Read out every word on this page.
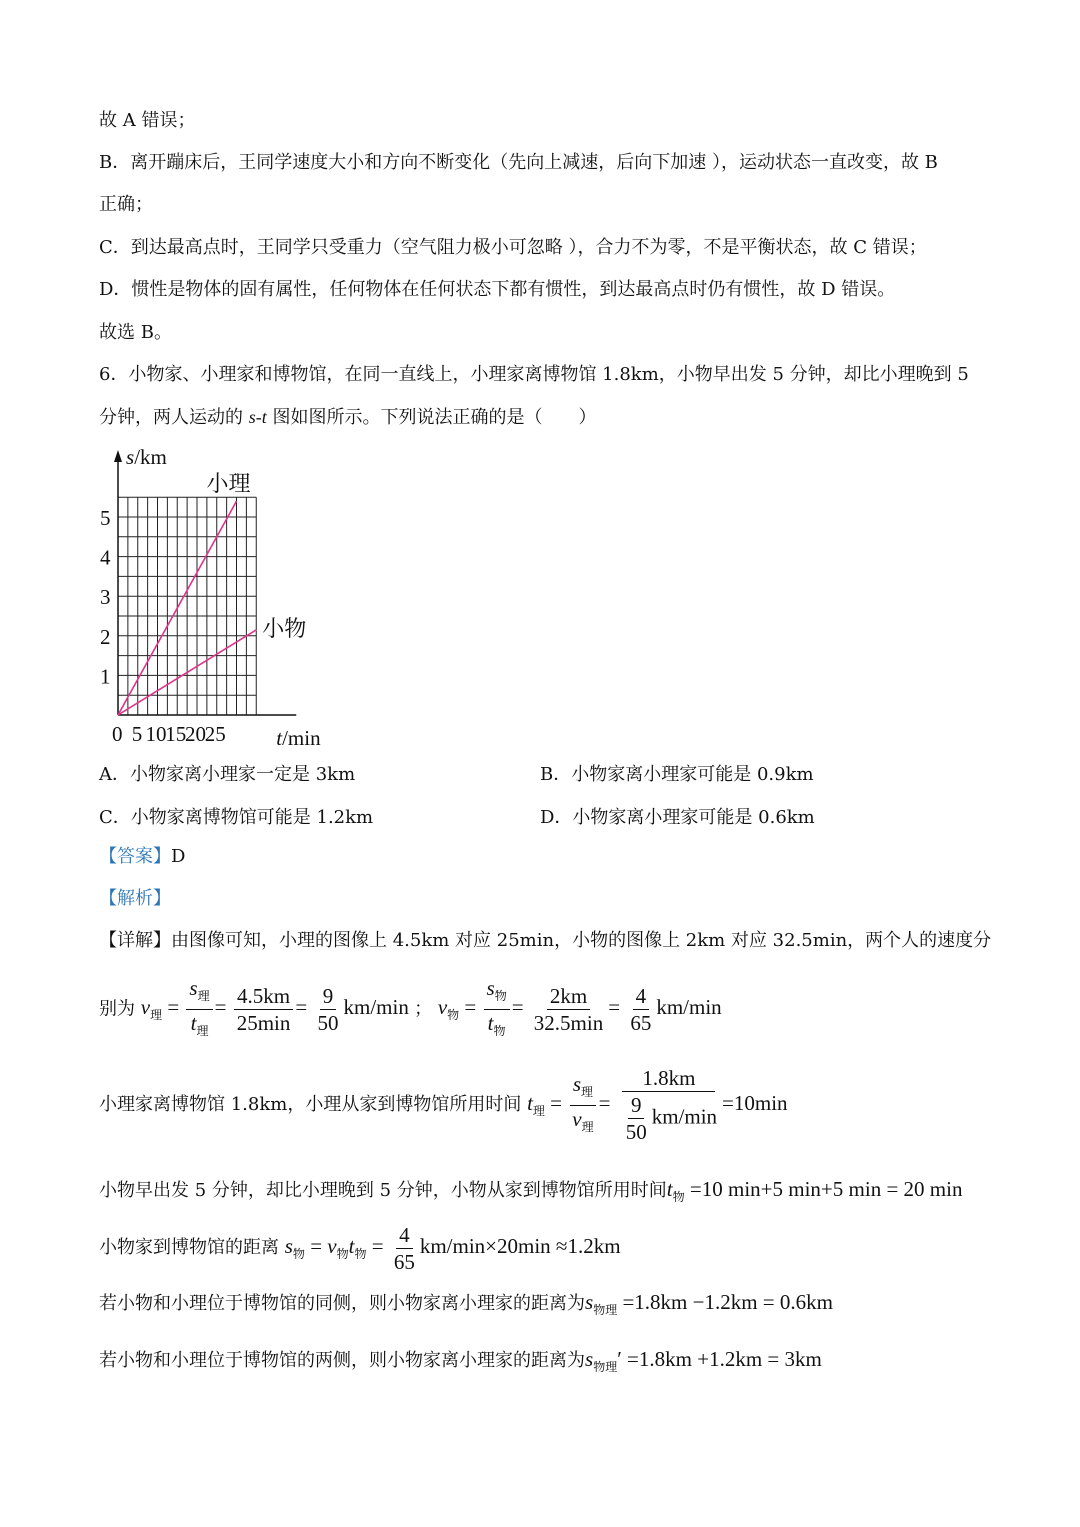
故 A 错误；
B．离开蹦床后，王同学速度大小和方向不断变化（先向上减速，后向下加速 ），运动状态一直改变，故 B
正确；
C．到达最高点时，王同学只受重力（空气阻力极小可忽略 ），合力不为零，不是平衡状态，故 C 错误；
D．惯性是物体的固有属性，任何物体在任何状态下都有惯性，到达最高点时仍有惯性，故 D 错误。
故选 B。
6．小物家、小理家和博物馆，在同一直线上，小理家离博物馆 1.8km，小物早出发 5 分钟，却比小理晚到 5
分钟，两人运动的 s-t 图如图所示。下列说法正确的是（　　）
小理
小物
1
2
3
4
5
0 5 10
15
20
25
s/km
t/min
A．小物家离小理家一定是 3km	B．小物家离小理家可能是 0.9km
C．小物家离博物馆可能是 1.2km	D．小物家离小理家可能是 0.6km
【答案】D
【解析】
【详解】由图像可知，小理的图像上 4.5km 对应 25min，小物的图像上 2km 对应 32.5min，两个人的速度分
别为 $v_理 = \frac{s_理}{t_理} = \frac{4.5km}{25\min} = \frac{9}{50} km/\min$ ； $v_物 = \frac{s_物}{t_物} = \frac{2km}{32.5\min} = \frac{4}{65} km/\min$
小理家离博物馆 1.8km，小理从家到博物馆所用时间 $t_理 = \frac{s_理}{v_理} = \frac{1.8km}{\frac{9}{50} km/\min} =10\min$
小物早出发 5 分钟，却比小理晚到 5 分钟，小物从家到博物馆所用时间$t_物 =10$ min+5 min+5 min = 20 min
小物家到博物馆的距离 $s_物 = v_物t_物 = \frac{4}{65} km/\min\times 20\min \approx 1.2km$
若小物和小理位于博物馆的同侧，则小物家离小理家的距离为$s_{物理} =1.8km -1.2km = 0.6km$
若小物和小理位于博物馆的两侧，则小物家离小理家的距离为$s_{物理}' =1.8km +1.2km = 3km$
